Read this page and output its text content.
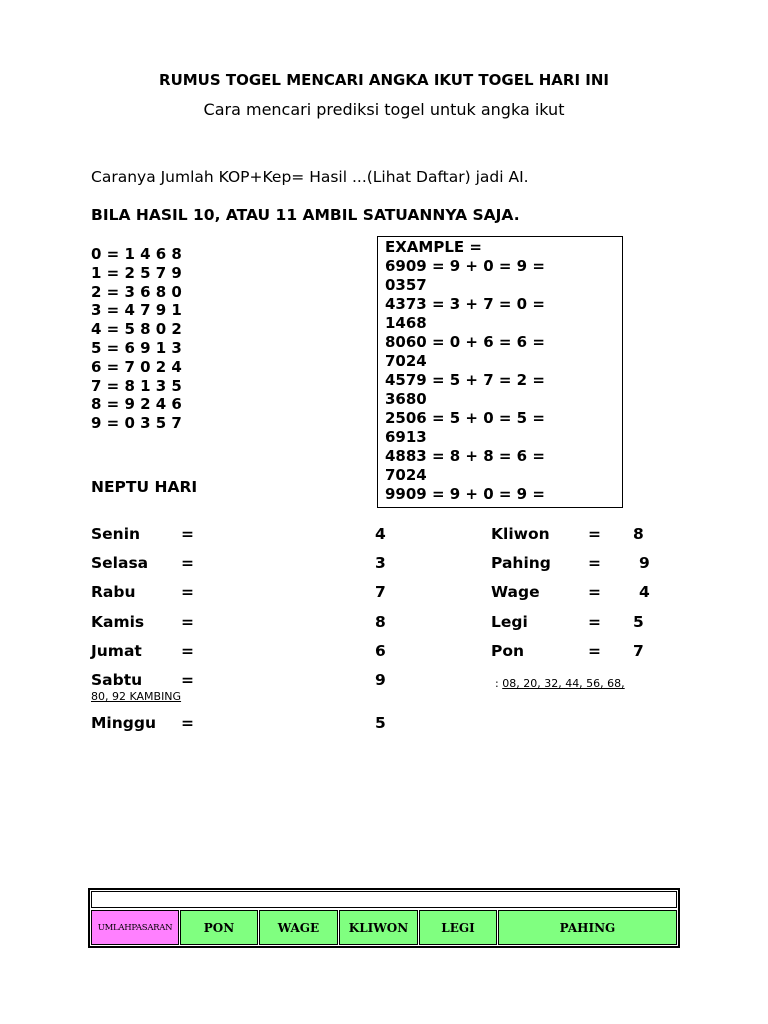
RUMUS TOGEL MENCARI ANGKA IKUT TOGEL HARI INI
Cara mencari prediksi togel untuk angka ikut
Caranya Jumlah KOP+Kep= Hasil ...(Lihat Daftar) jadi AI.
BILA HASIL 10, ATAU 11 AMBIL SATUANNYA SAJA.
0 = 1 4 6 8
1 = 2 5 7 9
2 = 3 6 8 0
3 = 4 7 9 1
4 = 5 8 0 2
5 = 6 9 1 3
6 = 7 0 2 4
7 = 8 1 3 5
8 = 9 2 4 6
9 = 0 3 5 7
EXAMPLE =
6909 = 9 + 0 = 9 =
0357
4373 = 3 + 7 = 0 =
1468
8060 = 0 + 6 = 6 =
7024
4579 = 5 + 7 = 2 =
3680
2506 = 5 + 0 = 5 =
6913
4883 = 8 + 8 = 6 =
7024
9909 = 9 + 0 = 9 =
NEPTU HARI
Senin	=	4
Selasa =	3
Rabu	=	7
Kamis =	8
Jumat	=	6
Sabtu	=	9
Minggu =	5
Kliwon = 8
Pahing = 9
Wage	= 4
Legi	= 5
Pon	= 7
: 08, 20, 32, 44, 56, 68,
80, 92 KAMBING
UMLAHPASARAN	PON	WAGE	KLIWON	LEGI	PAHING
